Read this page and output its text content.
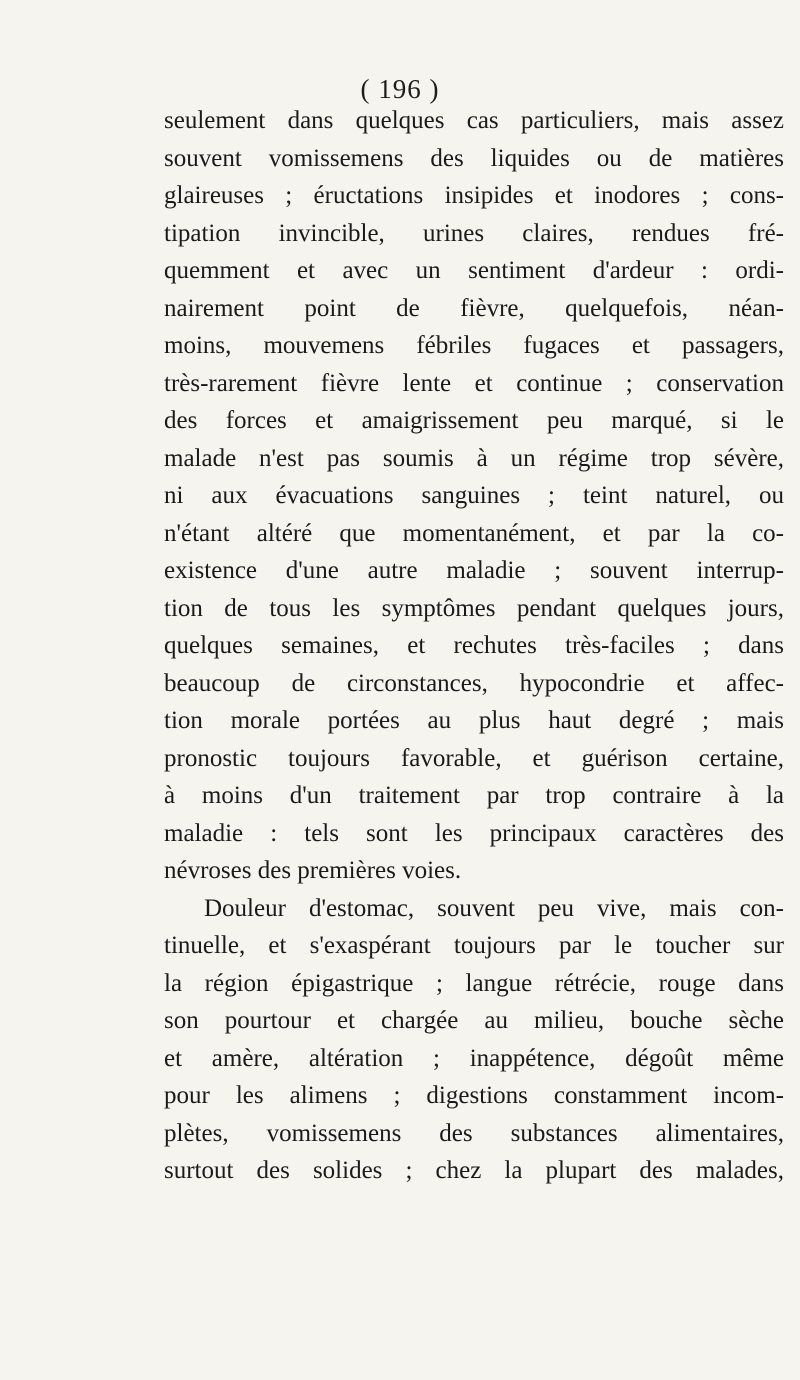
( 196 )
seulement dans quelques cas particuliers, mais assez
souvent vomissemens des liquides ou de matières
glaireuses ; éructations insipides et inodores ; cons-
tipation invincible, urines claires, rendues fré-
quemment et avec un sentiment d'ardeur : ordi-
nairement point de fièvre, quelquefois, néan-
moins, mouvemens fébriles fugaces et passagers,
très-rarement fièvre lente et continue ; conservation
des forces et amaigrissement peu marqué, si le
malade n'est pas soumis à un régime trop sévère,
ni aux évacuations sanguines ; teint naturel, ou
n'étant altéré que momentanément, et par la co-
existence d'une autre maladie ; souvent interrup-
tion de tous les symptômes pendant quelques jours,
quelques semaines, et rechutes très-faciles ; dans
beaucoup de circonstances, hypocondrie et affec-
tion morale portées au plus haut degré ; mais
pronostic toujours favorable, et guérison certaine,
à moins d'un traitement par trop contraire à la
maladie : tels sont les principaux caractères des
névroses des premières voies.
Douleur d'estomac, souvent peu vive, mais con-
tinuelle, et s'exaspérant toujours par le toucher sur
la région épigastrique ; langue rétrécie, rouge dans
son pourtour et chargée au milieu, bouche sèche
et amère, altération ; inappétence, dégoût même
pour les alimens ; digestions constamment incom-
plètes, vomissemens des substances alimentaires,
surtout des solides ; chez la plupart des malades,
